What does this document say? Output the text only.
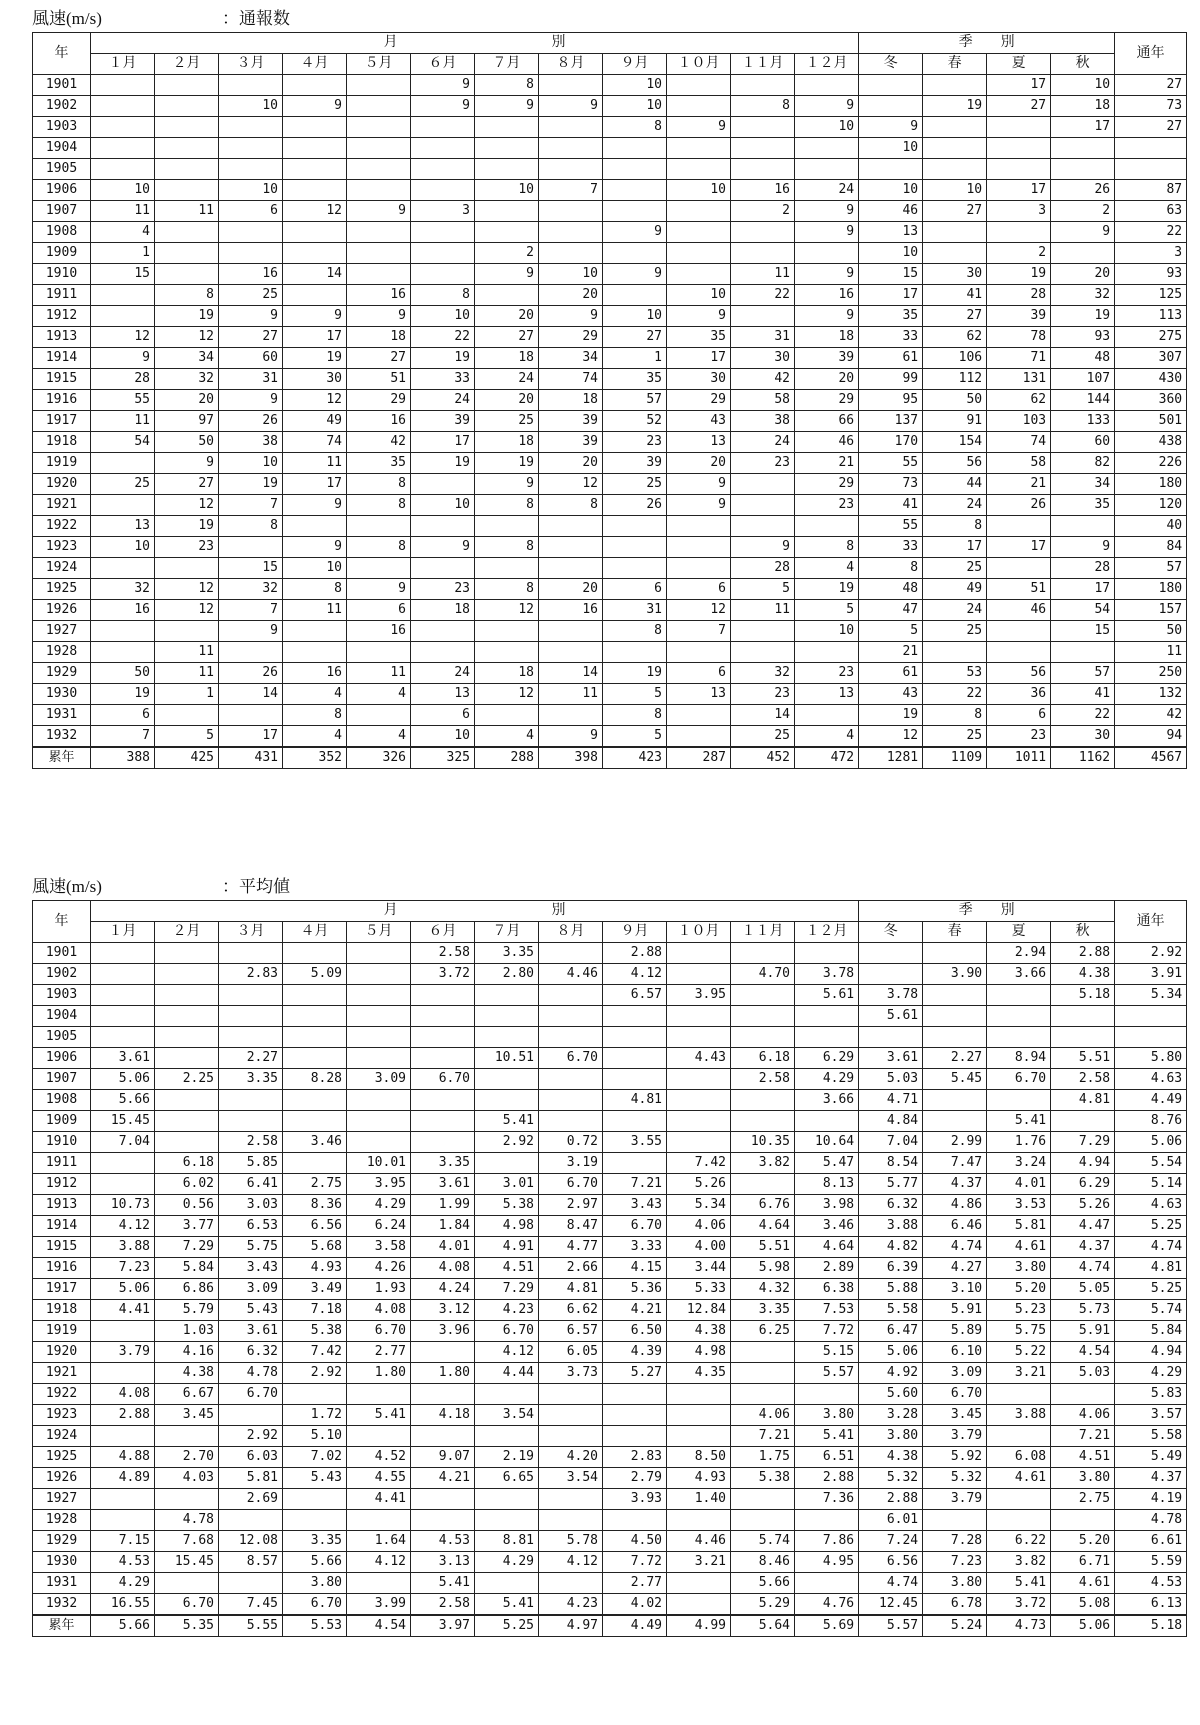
風速(m/s)	：通報数
年	月　　　　　　　　　　　別												季　　別				通年
	１月	２月	３月	４月	５月	６月	７月	８月	９月	１０月	１１月	１２月	冬	春	夏	秋	
1901						9	8		10						17	10	27
1902			10	9		9	9	9	10		8	9		19	27	18	73
1903									8	9		10	9			17	27
1904													10				
1905																	
1906	10		10				10	7		10	16	24	10	10	17	26	87
1907	11	11	6	12	9	3					2	9	46	27	3	2	63
1908	4								9			9	13			9	22
1909	1						2						10		2		3
1910	15		16	14			9	10	9		11	9	15	30	19	20	93
1911		8	25		16	8		20		10	22	16	17	41	28	32	125
1912		19	9	9	9	10	20	9	10	9		9	35	27	39	19	113
1913	12	12	27	17	18	22	27	29	27	35	31	18	33	62	78	93	275
1914	9	34	60	19	27	19	18	34	1	17	30	39	61	106	71	48	307
1915	28	32	31	30	51	33	24	74	35	30	42	20	99	112	131	107	430
1916	55	20	9	12	29	24	20	18	57	29	58	29	95	50	62	144	360
1917	11	97	26	49	16	39	25	39	52	43	38	66	137	91	103	133	501
1918	54	50	38	74	42	17	18	39	23	13	24	46	170	154	74	60	438
1919		9	10	11	35	19	19	20	39	20	23	21	55	56	58	82	226
1920	25	27	19	17	8		9	12	25	9		29	73	44	21	34	180
1921		12	7	9	8	10	8	8	26	9		23	41	24	26	35	120
1922	13	19	8										55	8			40
1923	10	23		9	8	9	8				9	8	33	17	17	9	84
1924			15	10							28	4	8	25		28	57
1925	32	12	32	8	9	23	8	20	6	6	5	19	48	49	51	17	180
1926	16	12	7	11	6	18	12	16	31	12	11	5	47	24	46	54	157
1927			9		16				8	7		10	5	25		15	50
1928		11											21				11
1929	50	11	26	16	11	24	18	14	19	6	32	23	61	53	56	57	250
1930	19	1	14	4	4	13	12	11	5	13	23	13	43	22	36	41	132
1931	6			8		6			8		14		19	8	6	22	42
1932	7	5	17	4	4	10	4	9	5		25	4	12	25	23	30	94
累年	388	425	431	352	326	325	288	398	423	287	452	472	1281	1109	1011	1162	4567
風速(m/s)	：平均値
年	月　　　　　　　　　　　別												季　　別				通年
	１月	２月	３月	４月	５月	６月	７月	８月	９月	１０月	１１月	１２月	冬	春	夏	秋	
1901						2.58	3.35		2.88						2.94	2.88	2.92
1902			2.83	5.09		3.72	2.80	4.46	4.12		4.70	3.78		3.90	3.66	4.38	3.91
1903									6.57	3.95		5.61	3.78			5.18	5.34
1904													5.61				
1905																	
1906	3.61		2.27				10.51	6.70		4.43	6.18	6.29	3.61	2.27	8.94	5.51	5.80
1907	5.06	2.25	3.35	8.28	3.09	6.70					2.58	4.29	5.03	5.45	6.70	2.58	4.63
1908	5.66								4.81			3.66	4.71			4.81	4.49
1909	15.45						5.41						4.84		5.41		8.76
1910	7.04		2.58	3.46			2.92	0.72	3.55		10.35	10.64	7.04	2.99	1.76	7.29	5.06
1911		6.18	5.85		10.01	3.35		3.19		7.42	3.82	5.47	8.54	7.47	3.24	4.94	5.54
1912		6.02	6.41	2.75	3.95	3.61	3.01	6.70	7.21	5.26		8.13	5.77	4.37	4.01	6.29	5.14
1913	10.73	0.56	3.03	8.36	4.29	1.99	5.38	2.97	3.43	5.34	6.76	3.98	6.32	4.86	3.53	5.26	4.63
1914	4.12	3.77	6.53	6.56	6.24	1.84	4.98	8.47	6.70	4.06	4.64	3.46	3.88	6.46	5.81	4.47	5.25
1915	3.88	7.29	5.75	5.68	3.58	4.01	4.91	4.77	3.33	4.00	5.51	4.64	4.82	4.74	4.61	4.37	4.74
1916	7.23	5.84	3.43	4.93	4.26	4.08	4.51	2.66	4.15	3.44	5.98	2.89	6.39	4.27	3.80	4.74	4.81
1917	5.06	6.86	3.09	3.49	1.93	4.24	7.29	4.81	5.36	5.33	4.32	6.38	5.88	3.10	5.20	5.05	5.25
1918	4.41	5.79	5.43	7.18	4.08	3.12	4.23	6.62	4.21	12.84	3.35	7.53	5.58	5.91	5.23	5.73	5.74
1919		1.03	3.61	5.38	6.70	3.96	6.70	6.57	6.50	4.38	6.25	7.72	6.47	5.89	5.75	5.91	5.84
1920	3.79	4.16	6.32	7.42	2.77		4.12	6.05	4.39	4.98		5.15	5.06	6.10	5.22	4.54	4.94
1921		4.38	4.78	2.92	1.80	1.80	4.44	3.73	5.27	4.35		5.57	4.92	3.09	3.21	5.03	4.29
1922	4.08	6.67	6.70										5.60	6.70			5.83
1923	2.88	3.45		1.72	5.41	4.18	3.54				4.06	3.80	3.28	3.45	3.88	4.06	3.57
1924			2.92	5.10							7.21	5.41	3.80	3.79		7.21	5.58
1925	4.88	2.70	6.03	7.02	4.52	9.07	2.19	4.20	2.83	8.50	1.75	6.51	4.38	5.92	6.08	4.51	5.49
1926	4.89	4.03	5.81	5.43	4.55	4.21	6.65	3.54	2.79	4.93	5.38	2.88	5.32	5.32	4.61	3.80	4.37
1927			2.69		4.41				3.93	1.40		7.36	2.88	3.79		2.75	4.19
1928		4.78											6.01				4.78
1929	7.15	7.68	12.08	3.35	1.64	4.53	8.81	5.78	4.50	4.46	5.74	7.86	7.24	7.28	6.22	5.20	6.61
1930	4.53	15.45	8.57	5.66	4.12	3.13	4.29	4.12	7.72	3.21	8.46	4.95	6.56	7.23	3.82	6.71	5.59
1931	4.29			3.80		5.41			2.77		5.66		4.74	3.80	5.41	4.61	4.53
1932	16.55	6.70	7.45	6.70	3.99	2.58	5.41	4.23	4.02		5.29	4.76	12.45	6.78	3.72	5.08	6.13
累年	5.66	5.35	5.55	5.53	4.54	3.97	5.25	4.97	4.49	4.99	5.64	5.69	5.57	5.24	4.73	5.06	5.18
